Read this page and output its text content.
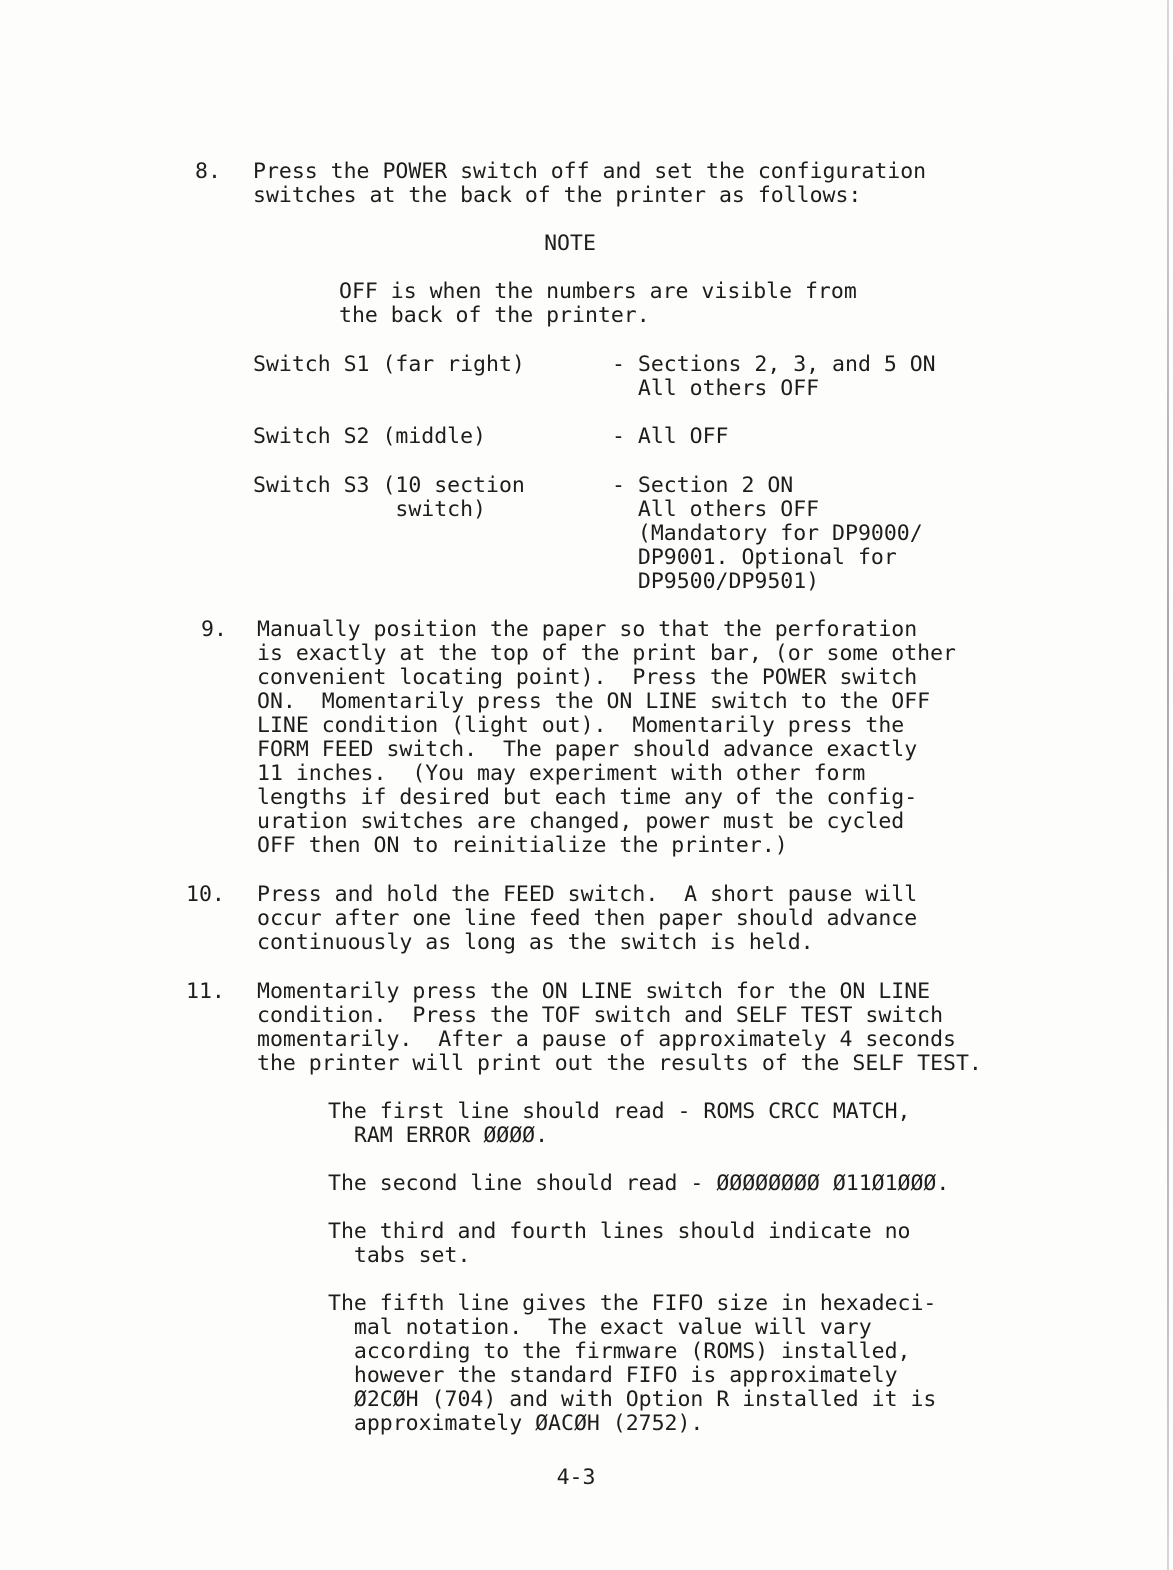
8. Press the POWER switch off and set the configuration

switches at the back of the printer as follows:

NOTE

OFF is when the numbers are visible from

the back of the printer.

Switch S1 (far right)	- Sections 2, 3, and 5 ON

All others OFF

Switch S2 (middle)	- All OFF

Switch S3 (10 section

switch)

- Section 2 ON

All others OFF

(Mandatory for DP9000/

DP9001. Optional for

DP9500/DP9501)

9. Manually position the paper so that the perforation

is exactly at the top of the print bar, (or some other

convenient locating point).  Press the POWER switch

ON.  Momentarily press the ON LINE switch to the OFF

LINE condition (light out).  Momentarily press the

FORM FEED switch.  The paper should advance exactly

11 inches.  (You may experiment with other form

lengths if desired but each time any of the config-

uration switches are changed, power must be cycled

OFF then ON to reinitialize the printer.)

10. Press and hold the FEED switch.  A short pause will

occur after one line feed then paper should advance

continuously as long as the switch is held.

11. Momentarily press the ON LINE switch for the ON LINE

condition.  Press the TOF switch and SELF TEST switch

momentarily.  After a pause of approximately 4 seconds

the printer will print out the results of the SELF TEST.

The first line should read - ROMS CRCC MATCH,

RAM ERROR ØØØØ.

The second line should read - ØØØØØØØØ Ø11Ø1ØØØ.

The third and fourth lines should indicate no

tabs set.

The fifth line gives the FIFO size in hexadeci-

mal notation.  The exact value will vary

according to the firmware (ROMS) installed,

however the standard FIFO is approximately

Ø2CØH (704) and with Option R installed it is

approximately ØACØH (2752).

4-3
